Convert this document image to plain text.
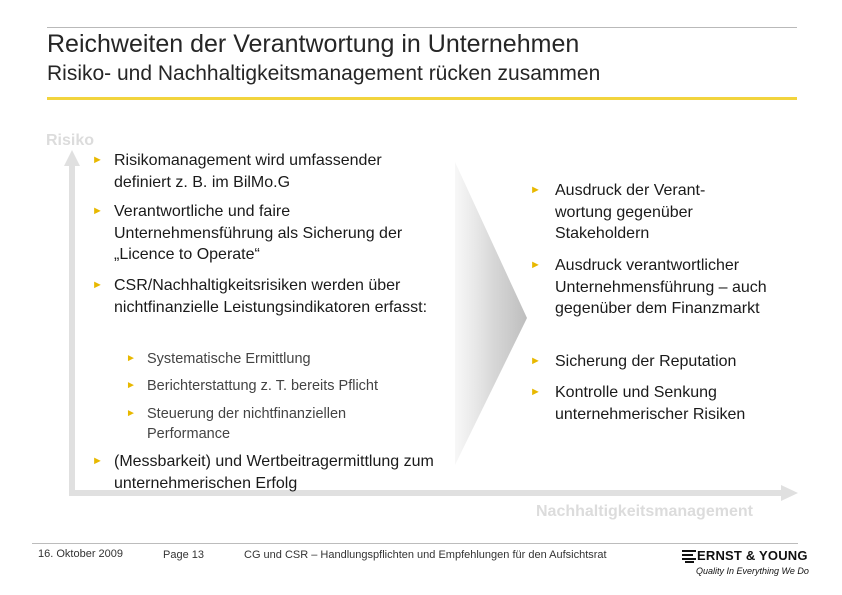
Reichweiten der Verantwortung in Unternehmen
Risiko- und Nachhaltigkeitsmanagement rücken zusammen
Risiko
Nachhaltigkeitsmanagement
► Risikomanagement wird umfassender definiert z. B. im BilMo.G
► Verantwortliche und faire Unternehmensführung als Sicherung der „Licence to Operate“
► CSR/Nachhaltigkeitsrisiken werden über nichtfinanzielle Leistungsindikatoren erfasst:
► Systematische Ermittlung
► Berichterstattung z. T. bereits Pflicht
► Steuerung der nichtfinanziellen Performance
► (Messbarkeit) und Wertbeitragermittlung zum unternehmerischen Erfolg
► Ausdruck der Verant-wortung gegenüber Stakeholdern
► Ausdruck verantwortlicher Unternehmensführung – auch gegenüber dem Finanzmarkt
► Sicherung der Reputation
► Kontrolle und Senkung unternehmerischer Risiken
16. Oktober 2009	Page 13	CG und CSR – Handlungspflichten und Empfehlungen für den Aufsichtsrat	ERNST & YOUNG
Quality In Everything We Do
